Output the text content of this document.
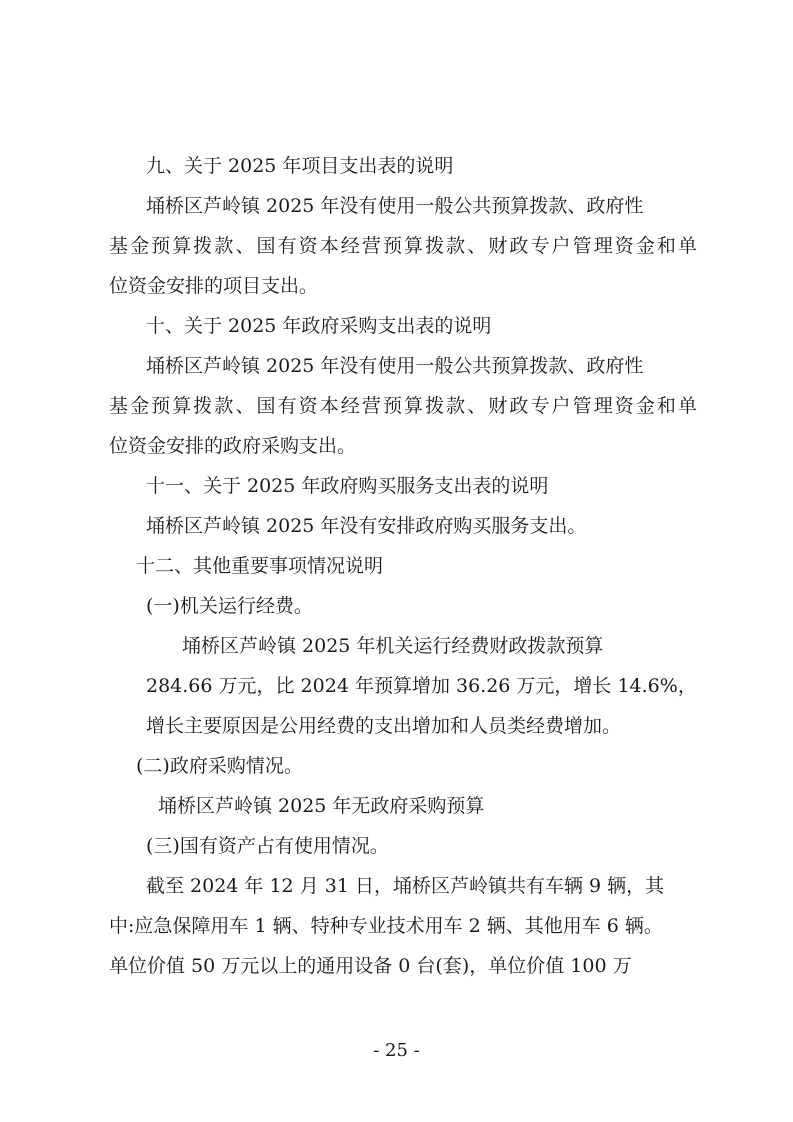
九、关于 2025 年项目支出表的说明

埇桥区芦岭镇 2025 年没有使用一般公共预算拨款、政府性

基金预算拨款、国有资本经营预算拨款、财政专户管理资金和单

位资金安排的项目支出。

十、关于 2025 年政府采购支出表的说明

埇桥区芦岭镇 2025 年没有使用一般公共预算拨款、政府性

基金预算拨款、国有资本经营预算拨款、财政专户管理资金和单

位资金安排的政府采购支出。

十一、关于 2025 年政府购买服务支出表的说明

埇桥区芦岭镇 2025 年没有安排政府购买服务支出。

十二、其他重要事项情况说明

(一)机关运行经费。

埇桥区芦岭镇 2025 年机关运行经费财政拨款预算

284.66 万元，比 2024 年预算增加 36.26 万元，增长 14.6%，

增长主要原因是公用经费的支出增加和人员类经费增加。

(二)政府采购情况。

埇桥区芦岭镇 2025 年无政府采购预算

(三)国有资产占有使用情况。

截至 2024 年 12 月 31 日，埇桥区芦岭镇共有车辆 9 辆，其

中:应急保障用车 1 辆、特种专业技术用车 2 辆、其他用车 6 辆。

单位价值 50 万元以上的通用设备 0 台(套)，单位价值 100 万

- 25 -
